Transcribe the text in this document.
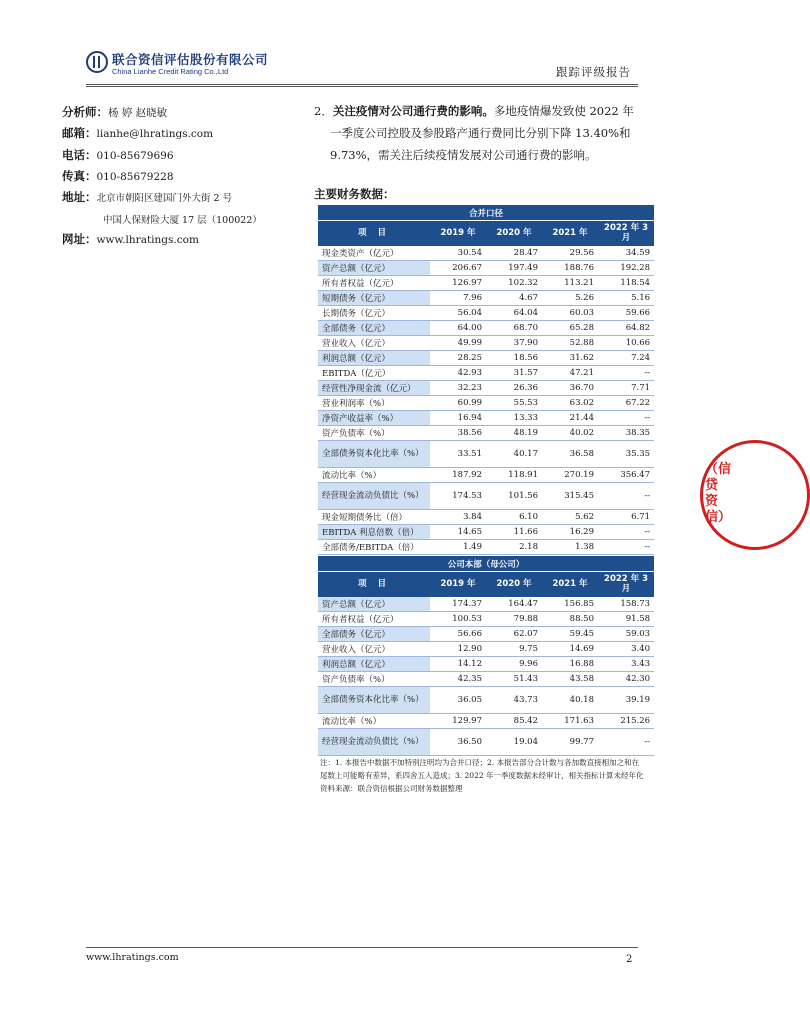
联合资信评估股份有限公司
China Lianhe Credit Rating Co.,Ltd	跟踪评级报告
分析师：杨 婷 赵晓敏
邮箱：lianhe@lhratings.com
电话：010-85679696
传真：010-85679228
地址：北京市朝阳区建国门外大街 2 号
中国人保财险大厦 17 层（100022）
网址：www.lhratings.com
2．关注疫情对公司通行费的影响。多地疫情爆发致使 2022 年
一季度公司控股及参股路产通行费同比分别下降 13.40%和
9.73%，需关注后续疫情发展对公司通行费的影响。
主要财务数据：
合并口径				
项 目	2019 年	2020 年	2021 年	2022 年 3 月
现金类资产（亿元）	30.54	28.47	29.56	34.59
资产总额（亿元）	206.67	197.49	188.76	192.28
所有者权益（亿元）	126.97	102.32	113.21	118.54
短期债务（亿元）	7.96	4.67	5.26	5.16
长期债务（亿元）	56.04	64.04	60.03	59.66
全部债务（亿元）	64.00	68.70	65.28	64.82
营业收入（亿元）	49.99	37.90	52.88	10.66
利润总额（亿元）	28.25	18.56	31.62	7.24
EBITDA（亿元）	42.93	31.57	47.21	--
经营性净现金流（亿元）	32.23	26.36	36.70	7.71
营业利润率（%）	60.99	55.53	63.02	67.22
净资产收益率（%）	16.94	13.33	21.44	--
资产负债率（%）	38.56	48.19	40.02	38.35
全部债务资本化比率（%）	33.51	40.17	36.58	35.35
流动比率（%）	187.92	118.91	270.19	356.47
经营现金流动负债比（%）	174.53	101.56	315.45	--
现金短期债务比（倍）	3.84	6.10	5.62	6.71
EBITDA 利息倍数（倍）	14.65	11.66	16.29	--
全部债务/EBITDA（倍）	1.49	2.18	1.38	--
公司本部（母公司）				
项 目	2019 年	2020 年	2021 年	2022 年 3 月
资产总额（亿元）	174.37	164.47	156.85	158.73
所有者权益（亿元）	100.53	79.88	88.50	91.58
全部债务（亿元）	56.66	62.07	59.45	59.03
营业收入（亿元）	12.90	9.75	14.69	3.40
利润总额（亿元）	14.12	9.96	16.88	3.43
资产负债率（%）	42.35	51.43	43.58	42.30
全部债务资本化比率（%）	36.05	43.73	40.18	39.19
流动比率（%）	129.97	85.42	171.63	215.26
经营现金流动负债比（%）	36.50	19.04	99.77	--
注：1. 本报告中数据不加特别注明均为合并口径；2. 本报告部分合计数与各加数直接相加之和在
尾数上可能略有差异，系四舍五入造成；3. 2022 年一季度数据未经审计，相关指标计算未经年化
资料来源：联合资信根据公司财务数据整理
（信贷资信）
www.lhratings.com	2
